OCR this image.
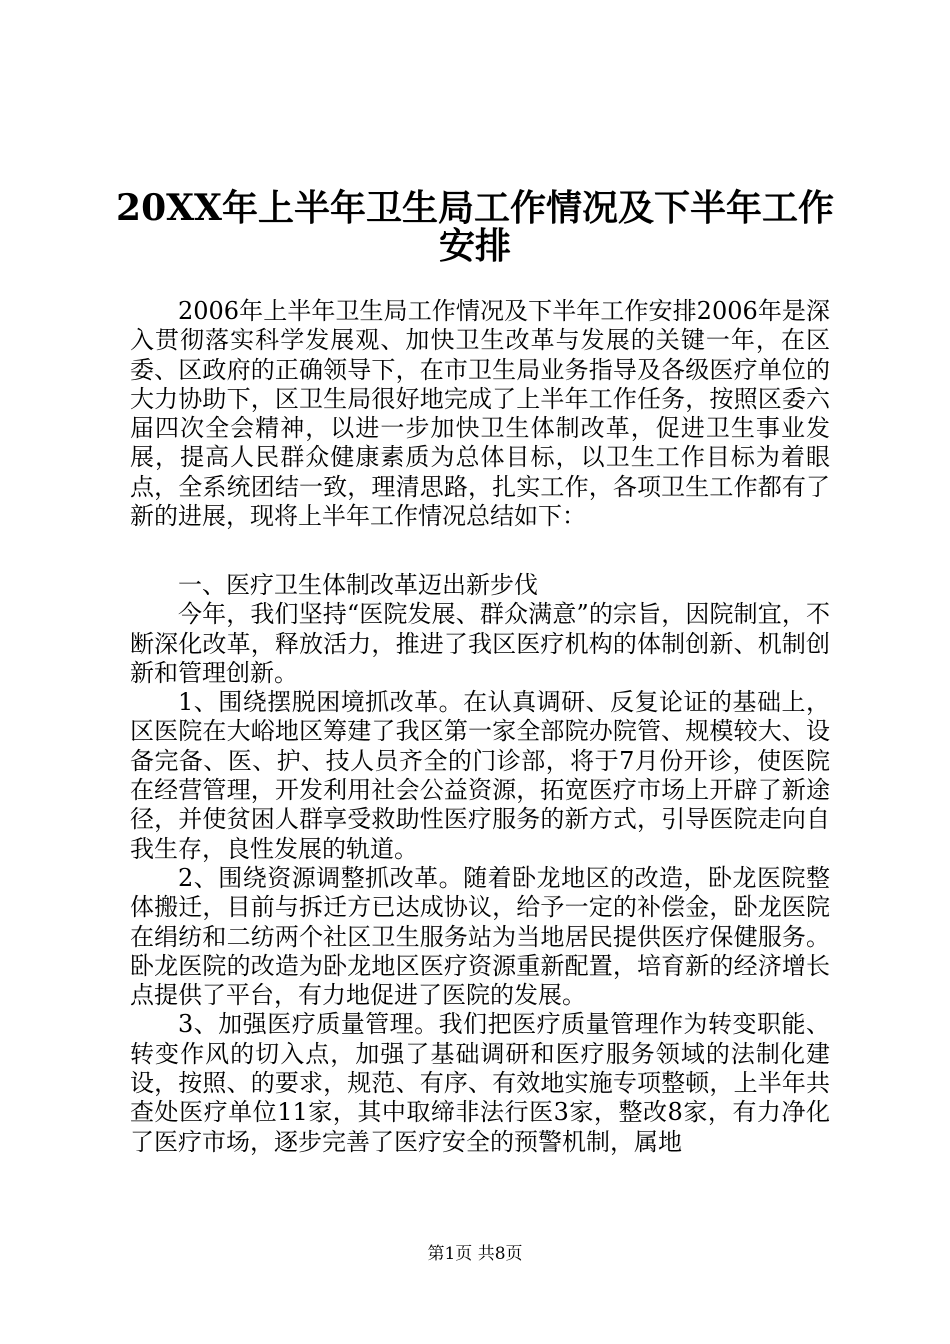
20XX年上半年卫生局工作情况及下半年工作
安排

2006年上半年卫生局工作情况及下半年工作安排2006年是深入贯彻落实科学发展观、加快卫生改革与发展的关键一年，在区委、区政府的正确领导下，在市卫生局业务指导及各级医疗单位的大力协助下，区卫生局很好地完成了上半年工作任务，按照区委六届四次全会精神，以进一步加快卫生体制改革，促进卫生事业发展，提高人民群众健康素质为总体目标，以卫生工作目标为着眼点，全系统团结一致，理清思路，扎实工作，各项卫生工作都有了新的进展，现将上半年工作情况总结如下：

一、医疗卫生体制改革迈出新步伐

今年，我们坚持“医院发展、群众满意”的宗旨，因院制宜，不断深化改革，释放活力，推进了我区医疗机构的体制创新、机制创新和管理创新。

1、围绕摆脱困境抓改革。在认真调研、反复论证的基础上，区医院在大峪地区筹建了我区第一家全部院办院管、规模较大、设备完备、医、护、技人员齐全的门诊部，将于7月份开诊，使医院在经营管理，开发利用社会公益资源，拓宽医疗市场上开辟了新途径，并使贫困人群享受救助性医疗服务的新方式，引导医院走向自我生存，良性发展的轨道。

2、围绕资源调整抓改革。随着卧龙地区的改造，卧龙医院整体搬迁，目前与拆迁方已达成协议，给予一定的补偿金，卧龙医院在绢纺和二纺两个社区卫生服务站为当地居民提供医疗保健服务。卧龙医院的改造为卧龙地区医疗资源重新配置，培育新的经济增长点提供了平台，有力地促进了医院的发展。

3、加强医疗质量管理。我们把医疗质量管理作为转变职能、转变作风的切入点，加强了基础调研和医疗服务领域的法制化建设，按照、的要求，规范、有序、有效地实施专项整顿，上半年共查处医疗单位11家，其中取缔非法行医3家，整改8家，有力净化了医疗市场，逐步完善了医疗安全的预警机制，属地

第1页 共8页
